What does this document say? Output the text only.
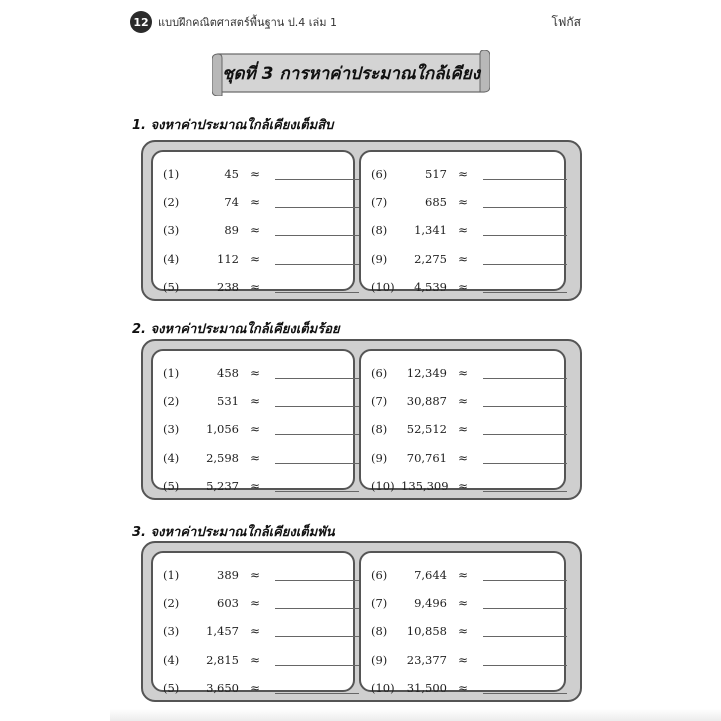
12 แบบฝึกคณิตศาสตร์พื้นฐาน ป.4 เล่ม 1	โฟกัส
ชุดที่ 3 การหาค่าประมาณใกล้เคียง
1. จงหาค่าประมาณใกล้เคียงเต็มสิบ
(1)	45 ≈
(2)	74 ≈
(3)	89 ≈
(4)	112 ≈
(5)	238 ≈
(6)	517 ≈
(7)	685 ≈
(8)	1,341 ≈
(9)	2,275 ≈
(10)	4,539 ≈
2. จงหาค่าประมาณใกล้เคียงเต็มร้อย
(1)	458 ≈
(2)	531 ≈
(3)	1,056 ≈
(4)	2,598 ≈
(5)	5,237 ≈
(6)	12,349 ≈
(7)	30,887 ≈
(8)	52,512 ≈
(9)	70,761 ≈
(10) 135,309 ≈
3. จงหาค่าประมาณใกล้เคียงเต็มพัน
(1)	389 ≈
(2)	603 ≈
(3)	1,457 ≈
(4)	2,815 ≈
(5)	3,650 ≈
(6)	7,644 ≈
(7)	9,496 ≈
(8)	10,858 ≈
(9)	23,377 ≈
(10)	31,500 ≈
